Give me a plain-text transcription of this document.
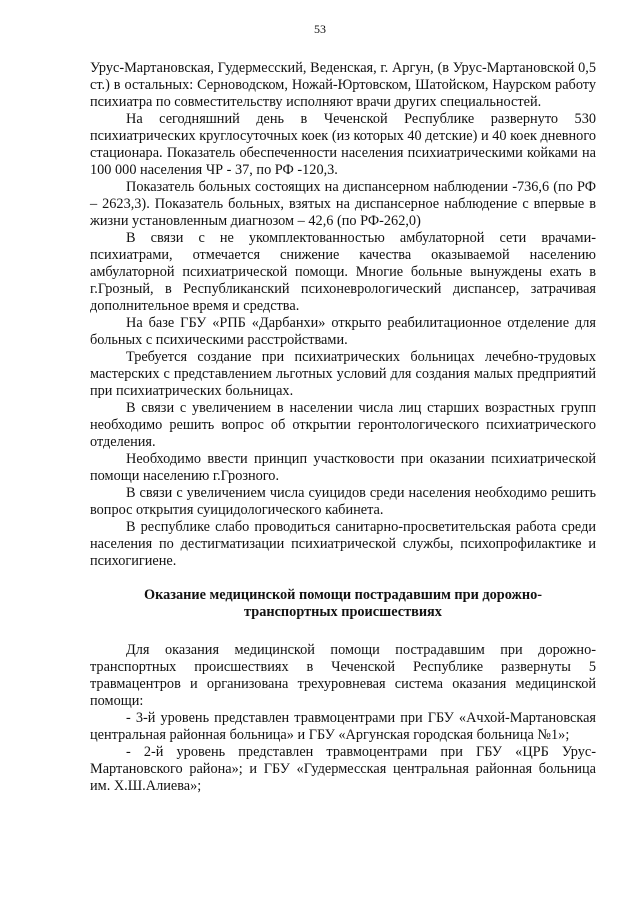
53

Урус-Мартановская, Гудермесский, Веденская, г. Аргун, (в Урус-Мартановской 0,5 ст.) в остальных: Серноводском, Ножай-Юртовском, Шатойском, Наурском работу психиатра по совместительству исполняют врачи других специальностей.

На сегодняшний день в Чеченской Республике развернуто 530 психиатрических круглосуточных коек (из которых 40 детские) и 40 коек дневного стационара. Показатель обеспеченности населения психиатрическими койками на 100 000 населения ЧР - 37, по РФ -120,3.

Показатель больных состоящих на диспансерном наблюдении -736,6 (по РФ – 2623,3). Показатель больных, взятых на диспансерное наблюдение с впервые в жизни установленным диагнозом – 42,6 (по РФ-262,0)

В связи с не укомплектованностью амбулаторной сети врачами-психиатрами, отмечается снижение качества оказываемой населению амбулаторной психиатрической помощи. Многие больные вынуждены ехать в г.Грозный, в Республиканский психоневрологический диспансер, затрачивая дополнительное время и средства.

На базе ГБУ «РПБ «Дарбанхи» открыто реабилитационное отделение для больных с психическими расстройствами.

Требуется создание при психиатрических больницах лечебно-трудовых мастерских с представлением льготных условий для создания малых предприятий при психиатрических больницах.

В связи с увеличением в населении числа лиц старших возрастных групп необходимо решить вопрос об открытии геронтологического психиатрического отделения.

Необходимо ввести принцип участковости при оказании психиатрической помощи населению г.Грозного.

В связи с увеличением числа суицидов среди населения необходимо решить вопрос открытия суицидологического кабинета.

В республике слабо проводиться санитарно-просветительская работа среди населения по дестигматизации психиатрической службы, психопрофилактике и психогигиене.

Оказание медицинской помощи пострадавшим при дорожно-транспортных происшествиях

Для оказания медицинской помощи пострадавшим при дорожно-транспортных происшествиях в Чеченской Республике развернуты 5 травмацентров и организована трехуровневая система оказания медицинской помощи:

- 3-й уровень представлен травмоцентрами при ГБУ «Ачхой-Мартановская центральная районная больница» и ГБУ «Аргунская городская больница №1»;

- 2-й уровень представлен травмоцентрами при ГБУ «ЦРБ Урус-Мартановского района»; и ГБУ «Гудермесская центральная районная больница им. Х.Ш.Алиева»;
